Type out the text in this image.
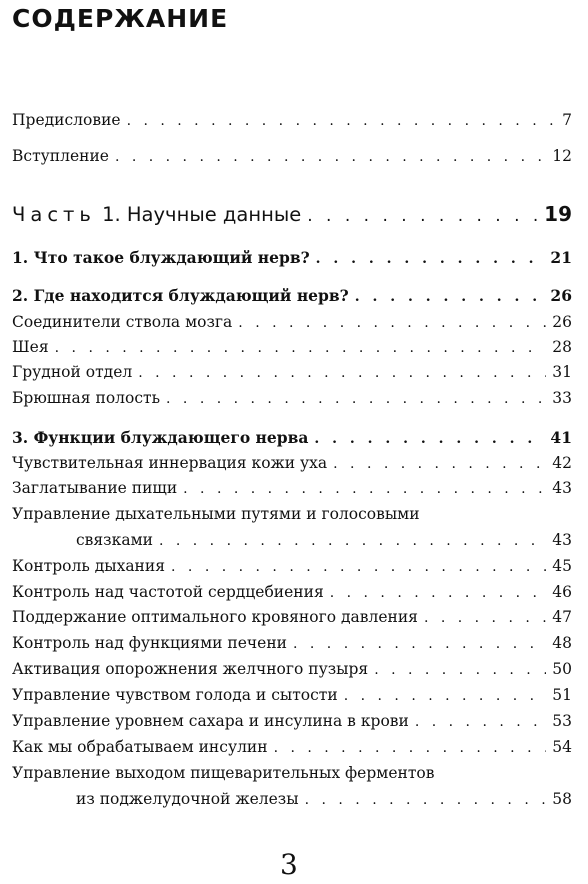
СОДЕРЖАНИЕ
Предисловие . . .	7
Вступление . . .	12
Часть 1. Научные данные . . .	19
1. Что такое блуждающий нерв? . . .	21
2. Где находится блуждающий нерв? . . .	26
Соединители ствола мозга . . .	26
Шея . . .	28
Грудной отдел . . .	31
Брюшная полость . . .	33
3. Функции блуждающего нерва . . .	41
Чувствительная иннервация кожи уха . . .	42
Заглатывание пищи . . .	43
Управление дыхательными путями и голосовыми
связками . . .	43
Контроль дыхания . . .	45
Контроль над частотой сердцебиения . . .	46
Поддержание оптимального кровяного давления . . .	47
Контроль над функциями печени . . .	48
Активация опорожнения желчного пузыря . . .	50
Управление чувством голода и сытости . . .	51
Управление уровнем сахара и инсулина в крови . . .	53
Как мы обрабатываем инсулин . . .	54
Управление выходом пищеварительных ферментов
из поджелудочной железы . . .	58
3
